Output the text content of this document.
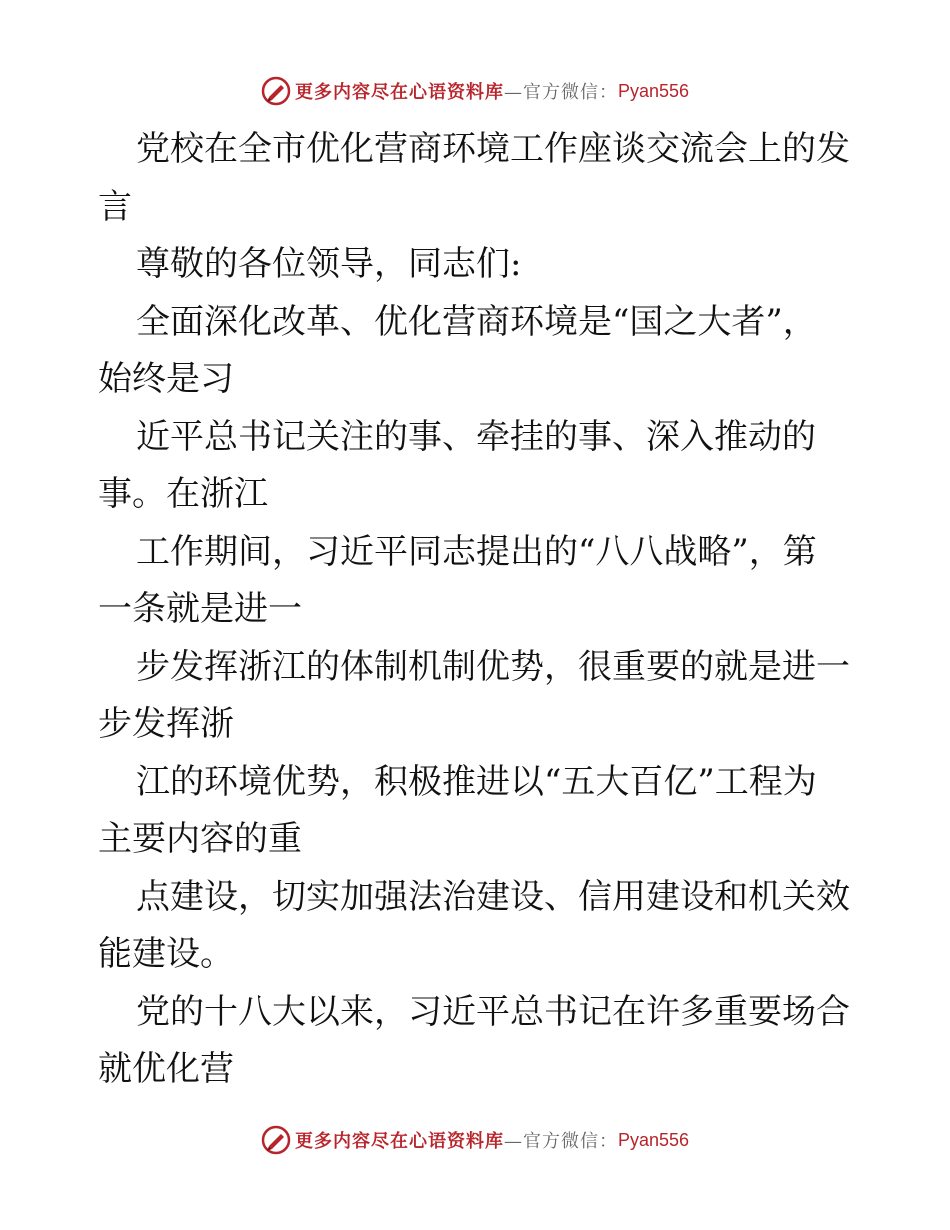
更多内容尽在心语资料库 —官方微信： Pyan556
党校在全市优化营商环境工作座谈交流会上的发
言
尊敬的各位领导，同志们:
全面深化改革、优化营商环境是“国之大者”，
始终是习
近平总书记关注的事、牵挂的事、深入推动的
事。在浙江
工作期间，习近平同志提出的“八八战略”，第
一条就是进一
步发挥浙江的体制机制优势，很重要的就是进一
步发挥浙
江的环境优势，积极推进以“五大百亿”工程为
主要内容的重
点建设，切实加强法治建设、信用建设和机关效
能建设。
党的十八大以来，习近平总书记在许多重要场合
就优化营
更多内容尽在心语资料库 —官方微信： Pyan556
